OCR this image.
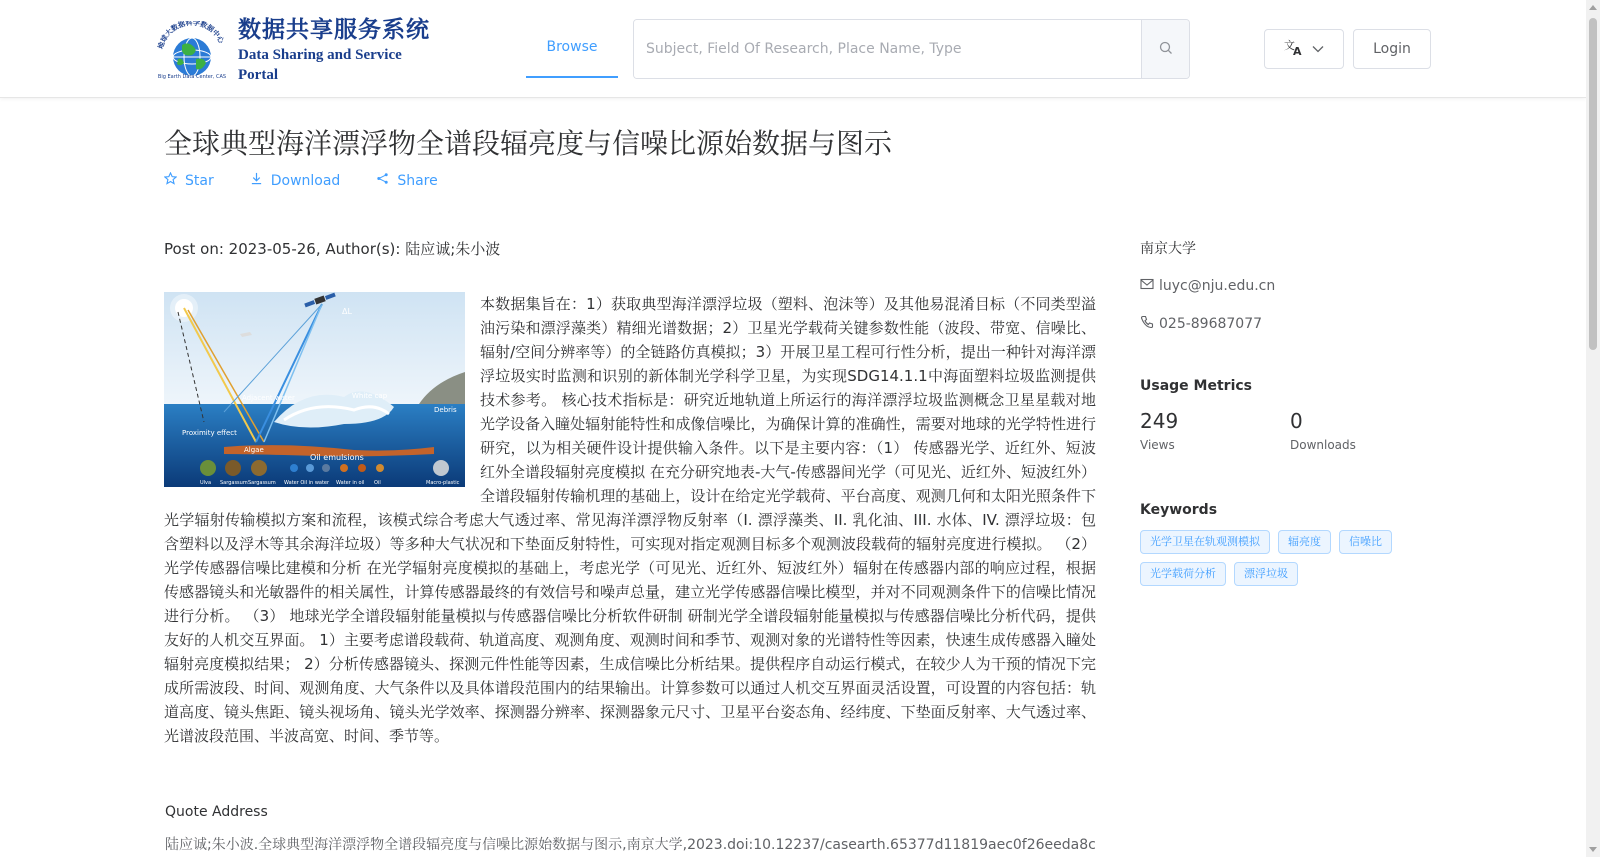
地球大数据科学数据中心
Big Earth Data Center, CAS
数据共享服务系统
Data Sharing and Service Portal
Browse
Subject, Field Of Research, Place Name, Type	文
A	Login
全球典型海洋漂浮物全谱段辐亮度与信噪比源始数据与图示
Star	Download	Share
Post on: 2023-05-26, Author(s): 陆应诚;朱小波
ΔL
Proximity effect
Adjacent water	White cap
Debris
Algae
Oil emulsions
Ulva Sargassum Sargassum Water Oil in water Water in oil Oil	Macro-plastic
本数据集旨在：1）获取典型海洋漂浮垃圾（塑料、泡沫等）及其他易混淆目标（不同类型溢油污染和漂浮藻类）精细光谱数据；2）卫星光学载荷关键参数性能（波段、带宽、信噪比、辐射/空间分辨率等）的全链路仿真模拟；3）开展卫星工程可行性分析，提出一种针对海洋漂浮垃圾实时监测和识别的新体制光学科学卫星，为实现SDG14.1.1中海面塑料垃圾监测提供技术参考。 核心技术指标是：研究近地轨道上所运行的海洋漂浮垃圾监测概念卫星星载对地光学设备入瞳处辐射能特性和成像信噪比，为确保计算的准确性，需要对地球的光学特性进行研究，以为相关硬件设计提供输入条件。以下是主要内容：（1） 传感器光学、近红外、短波红外全谱段辐射亮度模拟 在充分研究地表-大气-传感器间光学（可见光、近红外、短波红外）全谱段辐射传输机理的基础上，设计在给定光学载荷、平台高度、观测几何和太阳光照条件下光学辐射传输模拟方案和流程，该模式综合考虑大气透过率、常见海洋漂浮物反射率（I. 漂浮藻类、II. 乳化油、III. 水体、IV. 漂浮垃圾：包含塑料以及浮木等其余海洋垃圾）等多种大气状况和下垫面反射特性，可实现对指定观测目标多个观测波段载荷的辐射亮度进行模拟。 （2） 光学传感器信噪比建模和分析 在光学辐射亮度模拟的基础上，考虑光学（可见光、近红外、短波红外）辐射在传感器内部的响应过程，根据传感器镜头和光敏器件的相关属性，计算传感器最终的有效信号和噪声总量，建立光学传感器信噪比模型，并对不同观测条件下的信噪比情况进行分析。 （3） 地球光学全谱段辐射能量模拟与传感器信噪比分析软件研制 研制光学全谱段辐射能量模拟与传感器信噪比分析代码，提供友好的人机交互界面。 1）主要考虑谱段载荷、轨道高度、观测角度、观测时间和季节、观测对象的光谱特性等因素，快速生成传感器入瞳处辐射亮度模拟结果； 2）分析传感器镜头、探测元件性能等因素，生成信噪比分析结果。提供程序自动运行模式，在较少人为干预的情况下完成所需波段、时间、观测角度、大气条件以及具体谱段范围内的结果输出。计算参数可以通过人机交互界面灵活设置，可设置的内容包括：轨道高度、镜头焦距、镜头视场角、镜头光学效率、探测器分辨率、探测器象元尺寸、卫星平台姿态角、经纬度、下垫面反射率、大气透过率、光谱波段范围、半波高宽、时间、季节等。
Quote Address
陆应诚;朱小波.全球典型海洋漂浮物全谱段辐亮度与信噪比源始数据与图示,南京大学,2023.doi:10.12237/casearth.65377d11819aec0f26eeda8c
南京大学
luyc@nju.edu.cn
025-89687077
Usage Metrics
249
Views
0
Downloads
Keywords
光学卫星在轨观测模拟	辐亮度	信噪比
光学载荷分析	漂浮垃圾
